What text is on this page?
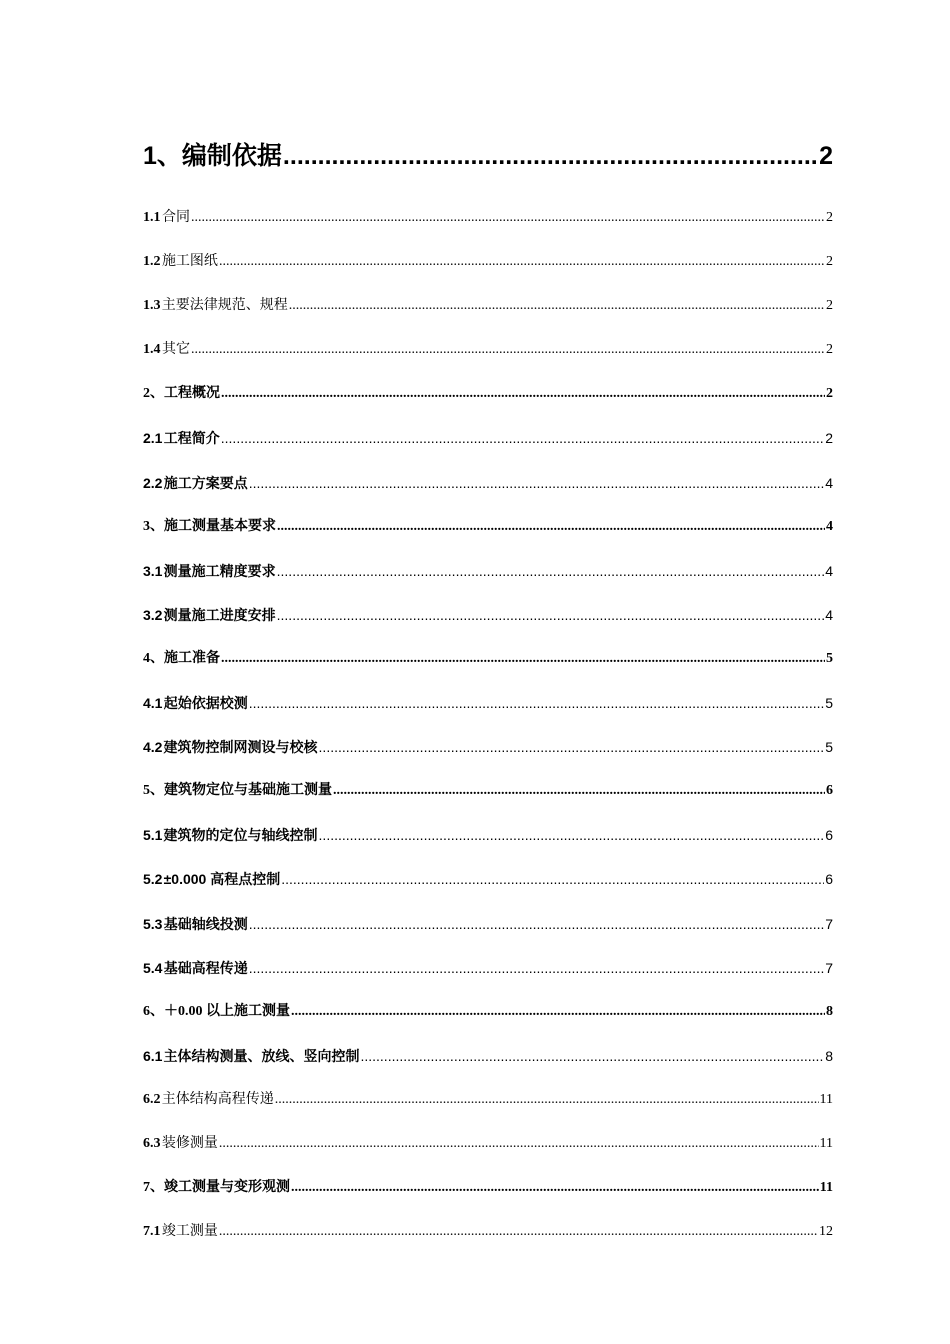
1、 编制依据 .....	2
1.1 合同 .....	2
1.2 施工图纸 .....	2
1.3 主要法律规范、规程 .....	2
1.4 其它 .....	2
2、 工程概况 .....	2
2.1 工程简介 .....	2
2.2 施工方案要点 .....	4
3、 施工测量基本要求 .....	4
3.1 测量施工精度要求 .....	4
3.2 测量施工进度安排 .....	4
4、 施工准备 .....	5
4.1 起始依据校测 .....	5
4.2 建筑物控制网测设与校核 .....	5
5、 建筑物定位与基础施工测量 .....	6
5.1 建筑物的定位与轴线控制 .....	6
5.2 ±0.000 高程点控制 .....	6
5.3 基础轴线投测 .....	7
5.4 基础高程传递 .....	7
6、 ＋0.00 以上施工测量 .....	8
6.1 主体结构测量、放线、竖向控制 .....	8
6.2 主体结构高程传递 .....	11
6.3 装修测量 .....	11
7、 竣工测量与变形观测 .....	11
7.1 竣工测量 .....	12
